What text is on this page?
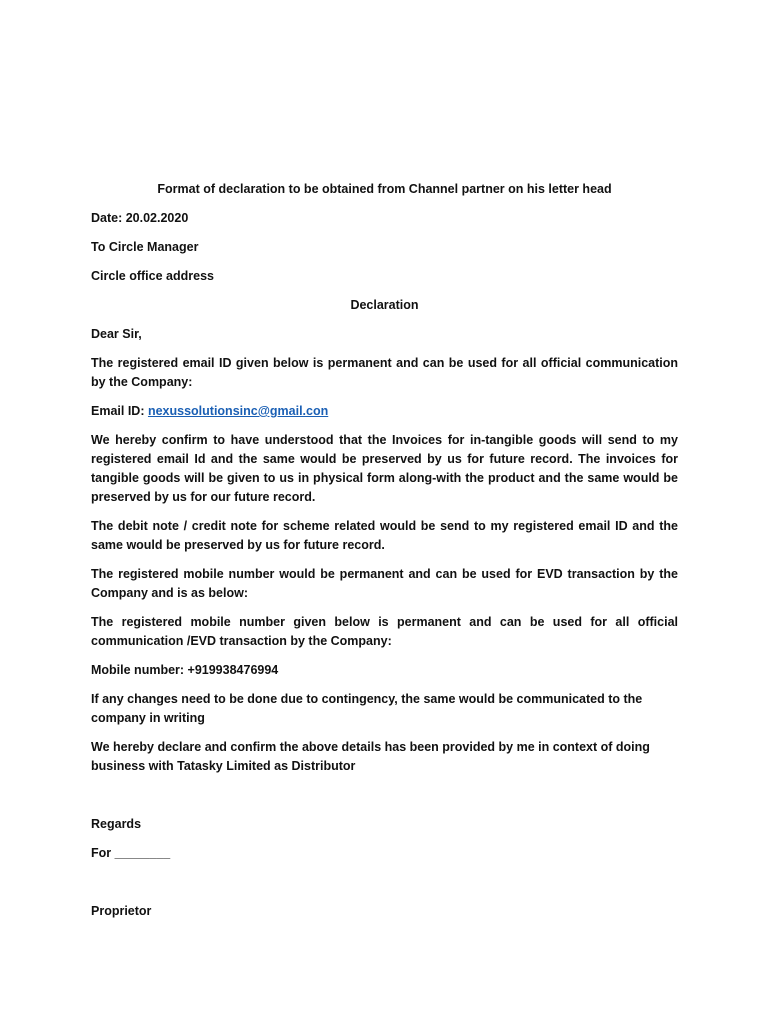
Format of declaration to be obtained from Channel partner on his letter head

Date: 20.02.2020

To Circle Manager

Circle office address

Declaration

Dear Sir,

The registered email ID given below is permanent and can be used for all official communication by the Company:

Email ID: nexussolutionsinc@gmail.con

We hereby confirm to have understood that the Invoices for in-tangible goods will send to my registered email Id and the same would be preserved by us for future record. The invoices for tangible goods will be given to us in physical form along-with the product and the same would be preserved by us for our future record.

The debit note / credit note for scheme related would be send to my registered email ID and the same would be preserved by us for future record.

The registered mobile number would be permanent and can be used for EVD transaction by the Company and is as below:

The registered mobile number given below is permanent and can be used for all official communication /EVD transaction by the Company:

Mobile number: +919938476994

If any changes need to be done due to contingency, the same would be communicated to the company in writing

We hereby declare and confirm the above details has been provided by me in context of doing business with Tatasky Limited as Distributor

Regards

For ________

Proprietor
